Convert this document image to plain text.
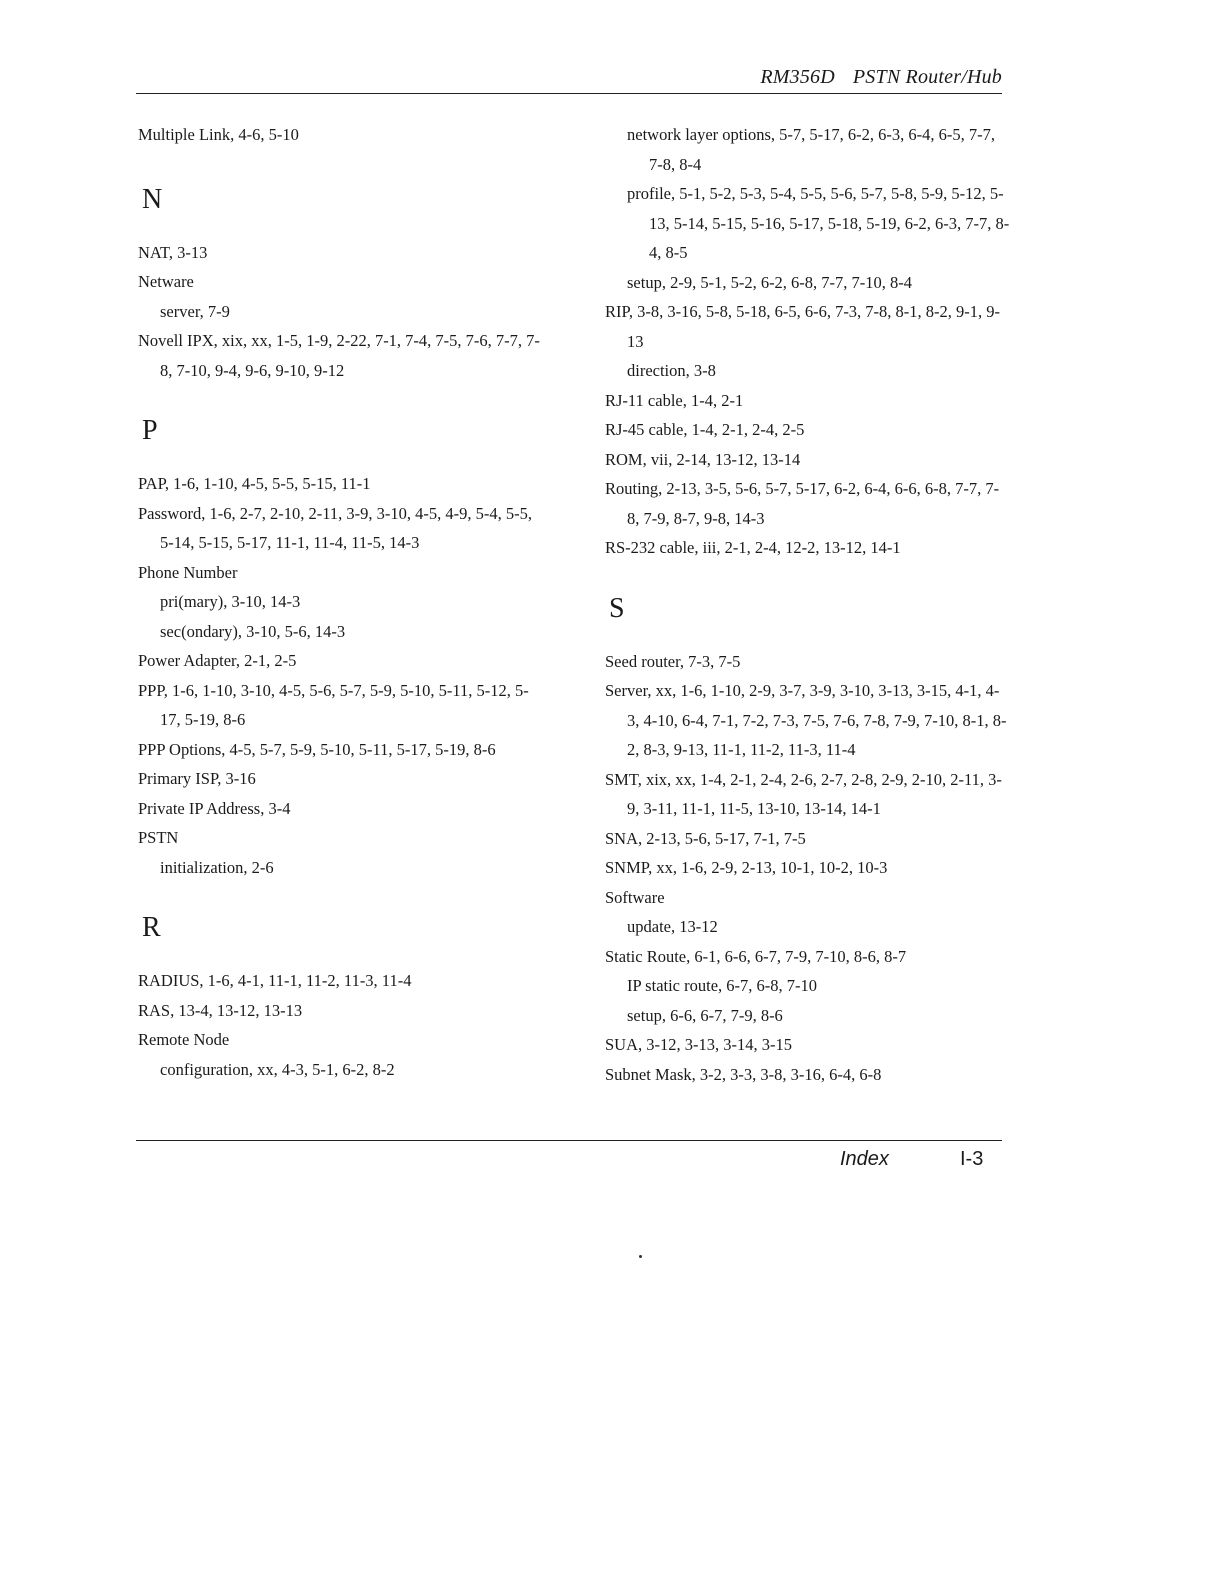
RM356D PSTN Router/Hub

Multiple Link, 4-6, 5-10

N

NAT, 3-13

Netware

server, 7-9

Novell IPX, xix, xx, 1-5, 1-9, 2-22, 7-1, 7-4, 7-5, 7-6, 7-7, 7-8, 7-10, 9-4, 9-6, 9-10, 9-12

P

PAP, 1-6, 1-10, 4-5, 5-5, 5-15, 11-1

Password, 1-6, 2-7, 2-10, 2-11, 3-9, 3-10, 4-5, 4-9, 5-4, 5-5, 5-14, 5-15, 5-17, 11-1, 11-4, 11-5, 14-3

Phone Number

pri(mary), 3-10, 14-3

sec(ondary), 3-10, 5-6, 14-3

Power Adapter, 2-1, 2-5

PPP, 1-6, 1-10, 3-10, 4-5, 5-6, 5-7, 5-9, 5-10, 5-11, 5-12, 5-17, 5-19, 8-6

PPP Options, 4-5, 5-7, 5-9, 5-10, 5-11, 5-17, 5-19, 8-6

Primary ISP, 3-16

Private IP Address, 3-4

PSTN

initialization, 2-6

R

RADIUS, 1-6, 4-1, 11-1, 11-2, 11-3, 11-4

RAS, 13-4, 13-12, 13-13

Remote Node

configuration, xx, 4-3, 5-1, 6-2, 8-2

network layer options, 5-7, 5-17, 6-2, 6-3, 6-4, 6-5, 7-7, 7-8, 8-4

profile, 5-1, 5-2, 5-3, 5-4, 5-5, 5-6, 5-7, 5-8, 5-9, 5-12, 5-13, 5-14, 5-15, 5-16, 5-17, 5-18, 5-19, 6-2, 6-3, 7-7, 8-4, 8-5

setup, 2-9, 5-1, 5-2, 6-2, 6-8, 7-7, 7-10, 8-4

RIP, 3-8, 3-16, 5-8, 5-18, 6-5, 6-6, 7-3, 7-8, 8-1, 8-2, 9-1, 9-13

direction, 3-8

RJ-11 cable, 1-4, 2-1

RJ-45 cable, 1-4, 2-1, 2-4, 2-5

ROM, vii, 2-14, 13-12, 13-14

Routing, 2-13, 3-5, 5-6, 5-7, 5-17, 6-2, 6-4, 6-6, 6-8, 7-7, 7-8, 7-9, 8-7, 9-8, 14-3

RS-232 cable, iii, 2-1, 2-4, 12-2, 13-12, 14-1

S

Seed router, 7-3, 7-5

Server, xx, 1-6, 1-10, 2-9, 3-7, 3-9, 3-10, 3-13, 3-15, 4-1, 4-3, 4-10, 6-4, 7-1, 7-2, 7-3, 7-5, 7-6, 7-8, 7-9, 7-10, 8-1, 8-2, 8-3, 9-13, 11-1, 11-2, 11-3, 11-4

SMT, xix, xx, 1-4, 2-1, 2-4, 2-6, 2-7, 2-8, 2-9, 2-10, 2-11, 3-9, 3-11, 11-1, 11-5, 13-10, 13-14, 14-1

SNA, 2-13, 5-6, 5-17, 7-1, 7-5

SNMP, xx, 1-6, 2-9, 2-13, 10-1, 10-2, 10-3

Software

update, 13-12

Static Route, 6-1, 6-6, 6-7, 7-9, 7-10, 8-6, 8-7

IP static route, 6-7, 6-8, 7-10

setup, 6-6, 6-7, 7-9, 8-6

SUA, 3-12, 3-13, 3-14, 3-15

Subnet Mask, 3-2, 3-3, 3-8, 3-16, 6-4, 6-8

Index	I-3
